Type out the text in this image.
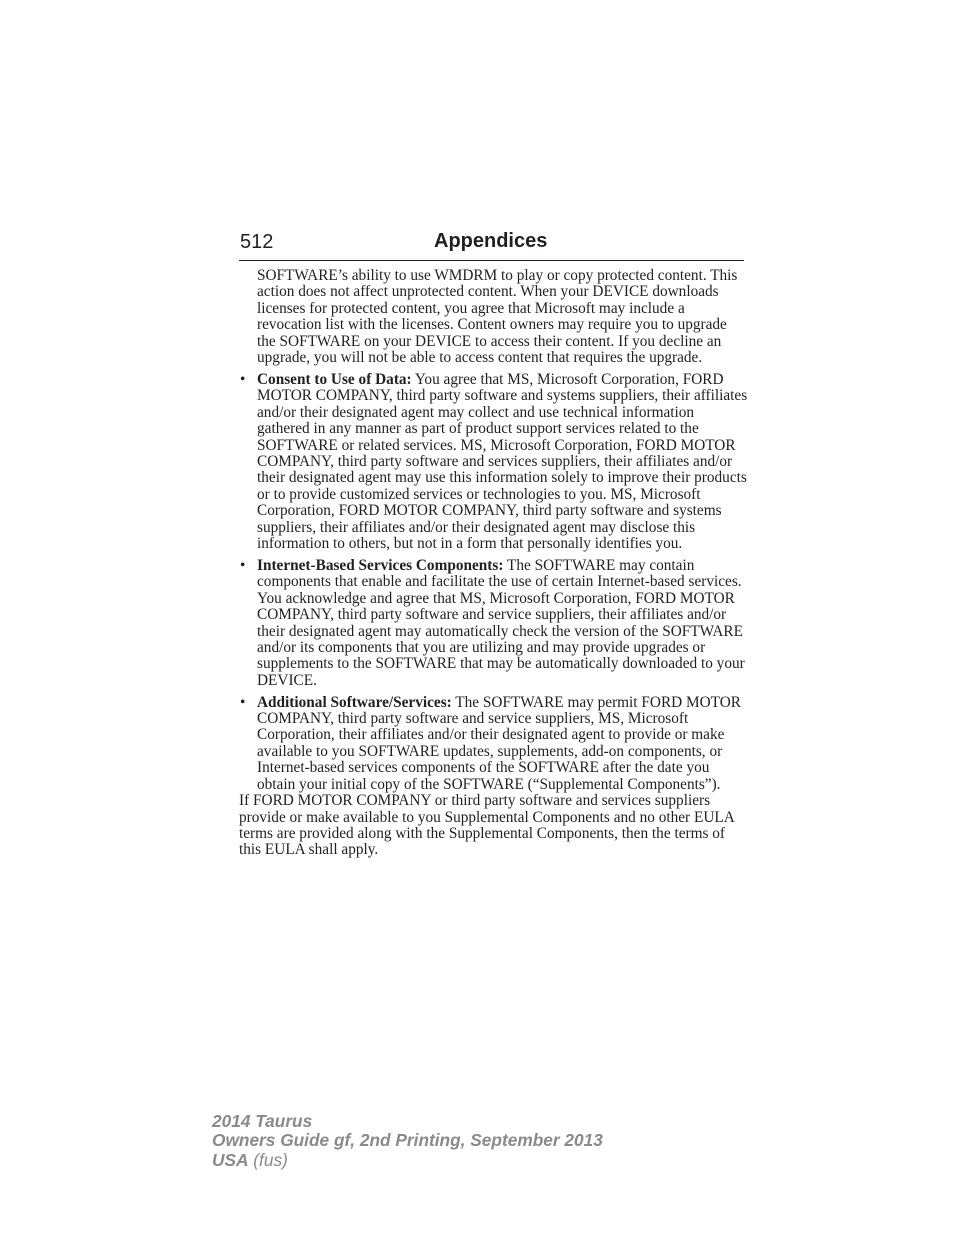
512	Appendices

SOFTWARE’s ability to use WMDRM to play or copy protected content. This action does not affect unprotected content. When your DEVICE downloads licenses for protected content, you agree that Microsoft may include a revocation list with the licenses. Content owners may require you to upgrade the SOFTWARE on your DEVICE to access their content. If you decline an upgrade, you will not be able to access content that requires the upgrade.

• Consent to Use of Data: You agree that MS, Microsoft Corporation, FORD MOTOR COMPANY, third party software and systems suppliers, their affiliates and/or their designated agent may collect and use technical information gathered in any manner as part of product support services related to the SOFTWARE or related services. MS, Microsoft Corporation, FORD MOTOR COMPANY, third party software and services suppliers, their affiliates and/or their designated agent may use this information solely to improve their products or to provide customized services or technologies to you. MS, Microsoft Corporation, FORD MOTOR COMPANY, third party software and systems suppliers, their affiliates and/or their designated agent may disclose this information to others, but not in a form that personally identifies you.
• Internet-Based Services Components: The SOFTWARE may contain components that enable and facilitate the use of certain Internet-based services. You acknowledge and agree that MS, Microsoft Corporation, FORD MOTOR COMPANY, third party software and service suppliers, their affiliates and/or their designated agent may automatically check the version of the SOFTWARE and/or its components that you are utilizing and may provide upgrades or supplements to the SOFTWARE that may be automatically downloaded to your DEVICE.
• Additional Software/Services: The SOFTWARE may permit FORD MOTOR COMPANY, third party software and service suppliers, MS, Microsoft Corporation, their affiliates and/or their designated agent to provide or make available to you SOFTWARE updates, supplements, add-on components, or Internet-based services components of the SOFTWARE after the date you obtain your initial copy of the SOFTWARE (“Supplemental Components”).

If FORD MOTOR COMPANY or third party software and services suppliers provide or make available to you Supplemental Components and no other EULA terms are provided along with the Supplemental Components, then the terms of this EULA shall apply.

2014 Taurus
Owners Guide gf, 2nd Printing, September 2013
USA (fus)
